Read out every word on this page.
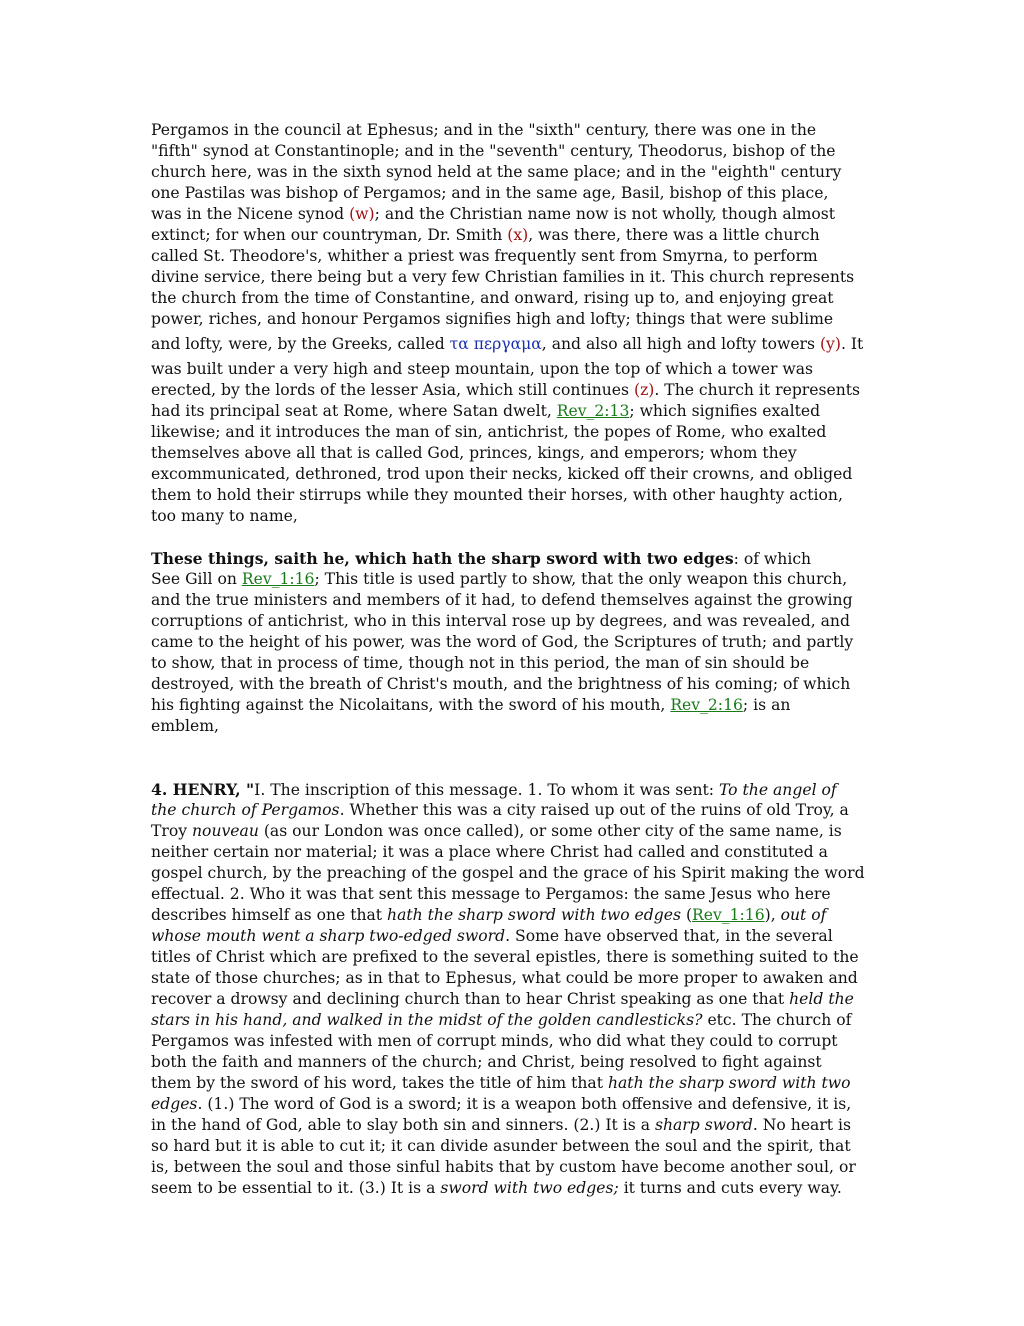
Pergamos in the council at Ephesus; and in the "sixth" century, there was one in the
"fifth" synod at Constantinople; and in the "seventh" century, Theodorus, bishop of the
church here, was in the sixth synod held at the same place; and in the "eighth" century
one Pastilas was bishop of Pergamos; and in the same age, Basil, bishop of this place,
was in the Nicene synod (w); and the Christian name now is not wholly, though almost
extinct; for when our countryman, Dr. Smith (x), was there, there was a little church
called St. Theodore's, whither a priest was frequently sent from Smyrna, to perform
divine service, there being but a very few Christian families in it. This church represents
the church from the time of Constantine, and onward, rising up to, and enjoying great
power, riches, and honour Pergamos signifies high and lofty; things that were sublime
and lofty, were, by the Greeks, called τα περγαμα, and also all high and lofty towers (y). It
was built under a very high and steep mountain, upon the top of which a tower was
erected, by the lords of the lesser Asia, which still continues (z). The church it represents
had its principal seat at Rome, where Satan dwelt, Rev_2:13; which signifies exalted
likewise; and it introduces the man of sin, antichrist, the popes of Rome, who exalted
themselves above all that is called God, princes, kings, and emperors; whom they
excommunicated, dethroned, trod upon their necks, kicked off their crowns, and obliged
them to hold their stirrups while they mounted their horses, with other haughty action,
too many to name,
These things, saith he, which hath the sharp sword with two edges: of which
See Gill on Rev_1:16; This title is used partly to show, that the only weapon this church,
and the true ministers and members of it had, to defend themselves against the growing
corruptions of antichrist, who in this interval rose up by degrees, and was revealed, and
came to the height of his power, was the word of God, the Scriptures of truth; and partly
to show, that in process of time, though not in this period, the man of sin should be
destroyed, with the breath of Christ's mouth, and the brightness of his coming; of which
his fighting against the Nicolaitans, with the sword of his mouth, Rev_2:16; is an
emblem,
4. HENRY, "I. The inscription of this message. 1. To whom it was sent: To the angel of
the church of Pergamos. Whether this was a city raised up out of the ruins of old Troy, a
Troy nouveau (as our London was once called), or some other city of the same name, is
neither certain nor material; it was a place where Christ had called and constituted a
gospel church, by the preaching of the gospel and the grace of his Spirit making the word
effectual. 2. Who it was that sent this message to Pergamos: the same Jesus who here
describes himself as one that hath the sharp sword with two edges (Rev_1:16), out of
whose mouth went a sharp two-edged sword. Some have observed that, in the several
titles of Christ which are prefixed to the several epistles, there is something suited to the
state of those churches; as in that to Ephesus, what could be more proper to awaken and
recover a drowsy and declining church than to hear Christ speaking as one that held the
stars in his hand, and walked in the midst of the golden candlesticks? etc. The church of
Pergamos was infested with men of corrupt minds, who did what they could to corrupt
both the faith and manners of the church; and Christ, being resolved to fight against
them by the sword of his word, takes the title of him that hath the sharp sword with two
edges. (1.) The word of God is a sword; it is a weapon both offensive and defensive, it is,
in the hand of God, able to slay both sin and sinners. (2.) It is a sharp sword. No heart is
so hard but it is able to cut it; it can divide asunder between the soul and the spirit, that
is, between the soul and those sinful habits that by custom have become another soul, or
seem to be essential to it. (3.) It is a sword with two edges; it turns and cuts every way.
